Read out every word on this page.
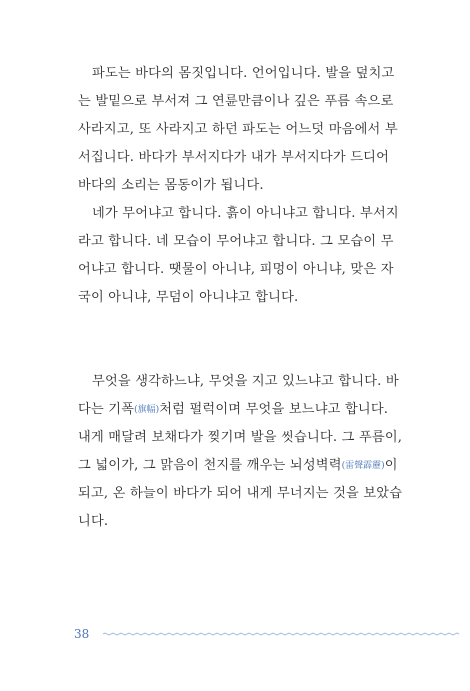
파도는 바다의 몸짓입니다. 언어입니다. 발을 덮치고
는 발밑으로 부서져 그 연륜만큼이나 깊은 푸름 속으로
사라지고, 또 사라지고 하던 파도는 어느덧 마음에서 부
서집니다. 바다가 부서지다가 내가 부서지다가 드디어
바다의 소리는 몸동이가 됩니다.
네가 무어냐고 합니다. 흙이 아니냐고 합니다. 부서지
라고 합니다. 네 모습이 무어냐고 합니다. 그 모습이 무
어냐고 합니다. 땟물이 아니냐, 피멍이 아니냐, 맞은 자
국이 아니냐, 무덤이 아니냐고 합니다.
무엇을 생각하느냐, 무엇을 지고 있느냐고 합니다. 바
다는 기폭(旗幅)처럼 펄럭이며 무엇을 보느냐고 합니다.
내게 매달려 보채다가 찢기며 발을 씻습니다. 그 푸름이,
그 넓이가, 그 맑음이 천지를 깨우는 뇌성벽력(雷聲霹靂)이
되고, 온 하늘이 바다가 되어 내게 무너지는 것을 보았습
니다.
38
